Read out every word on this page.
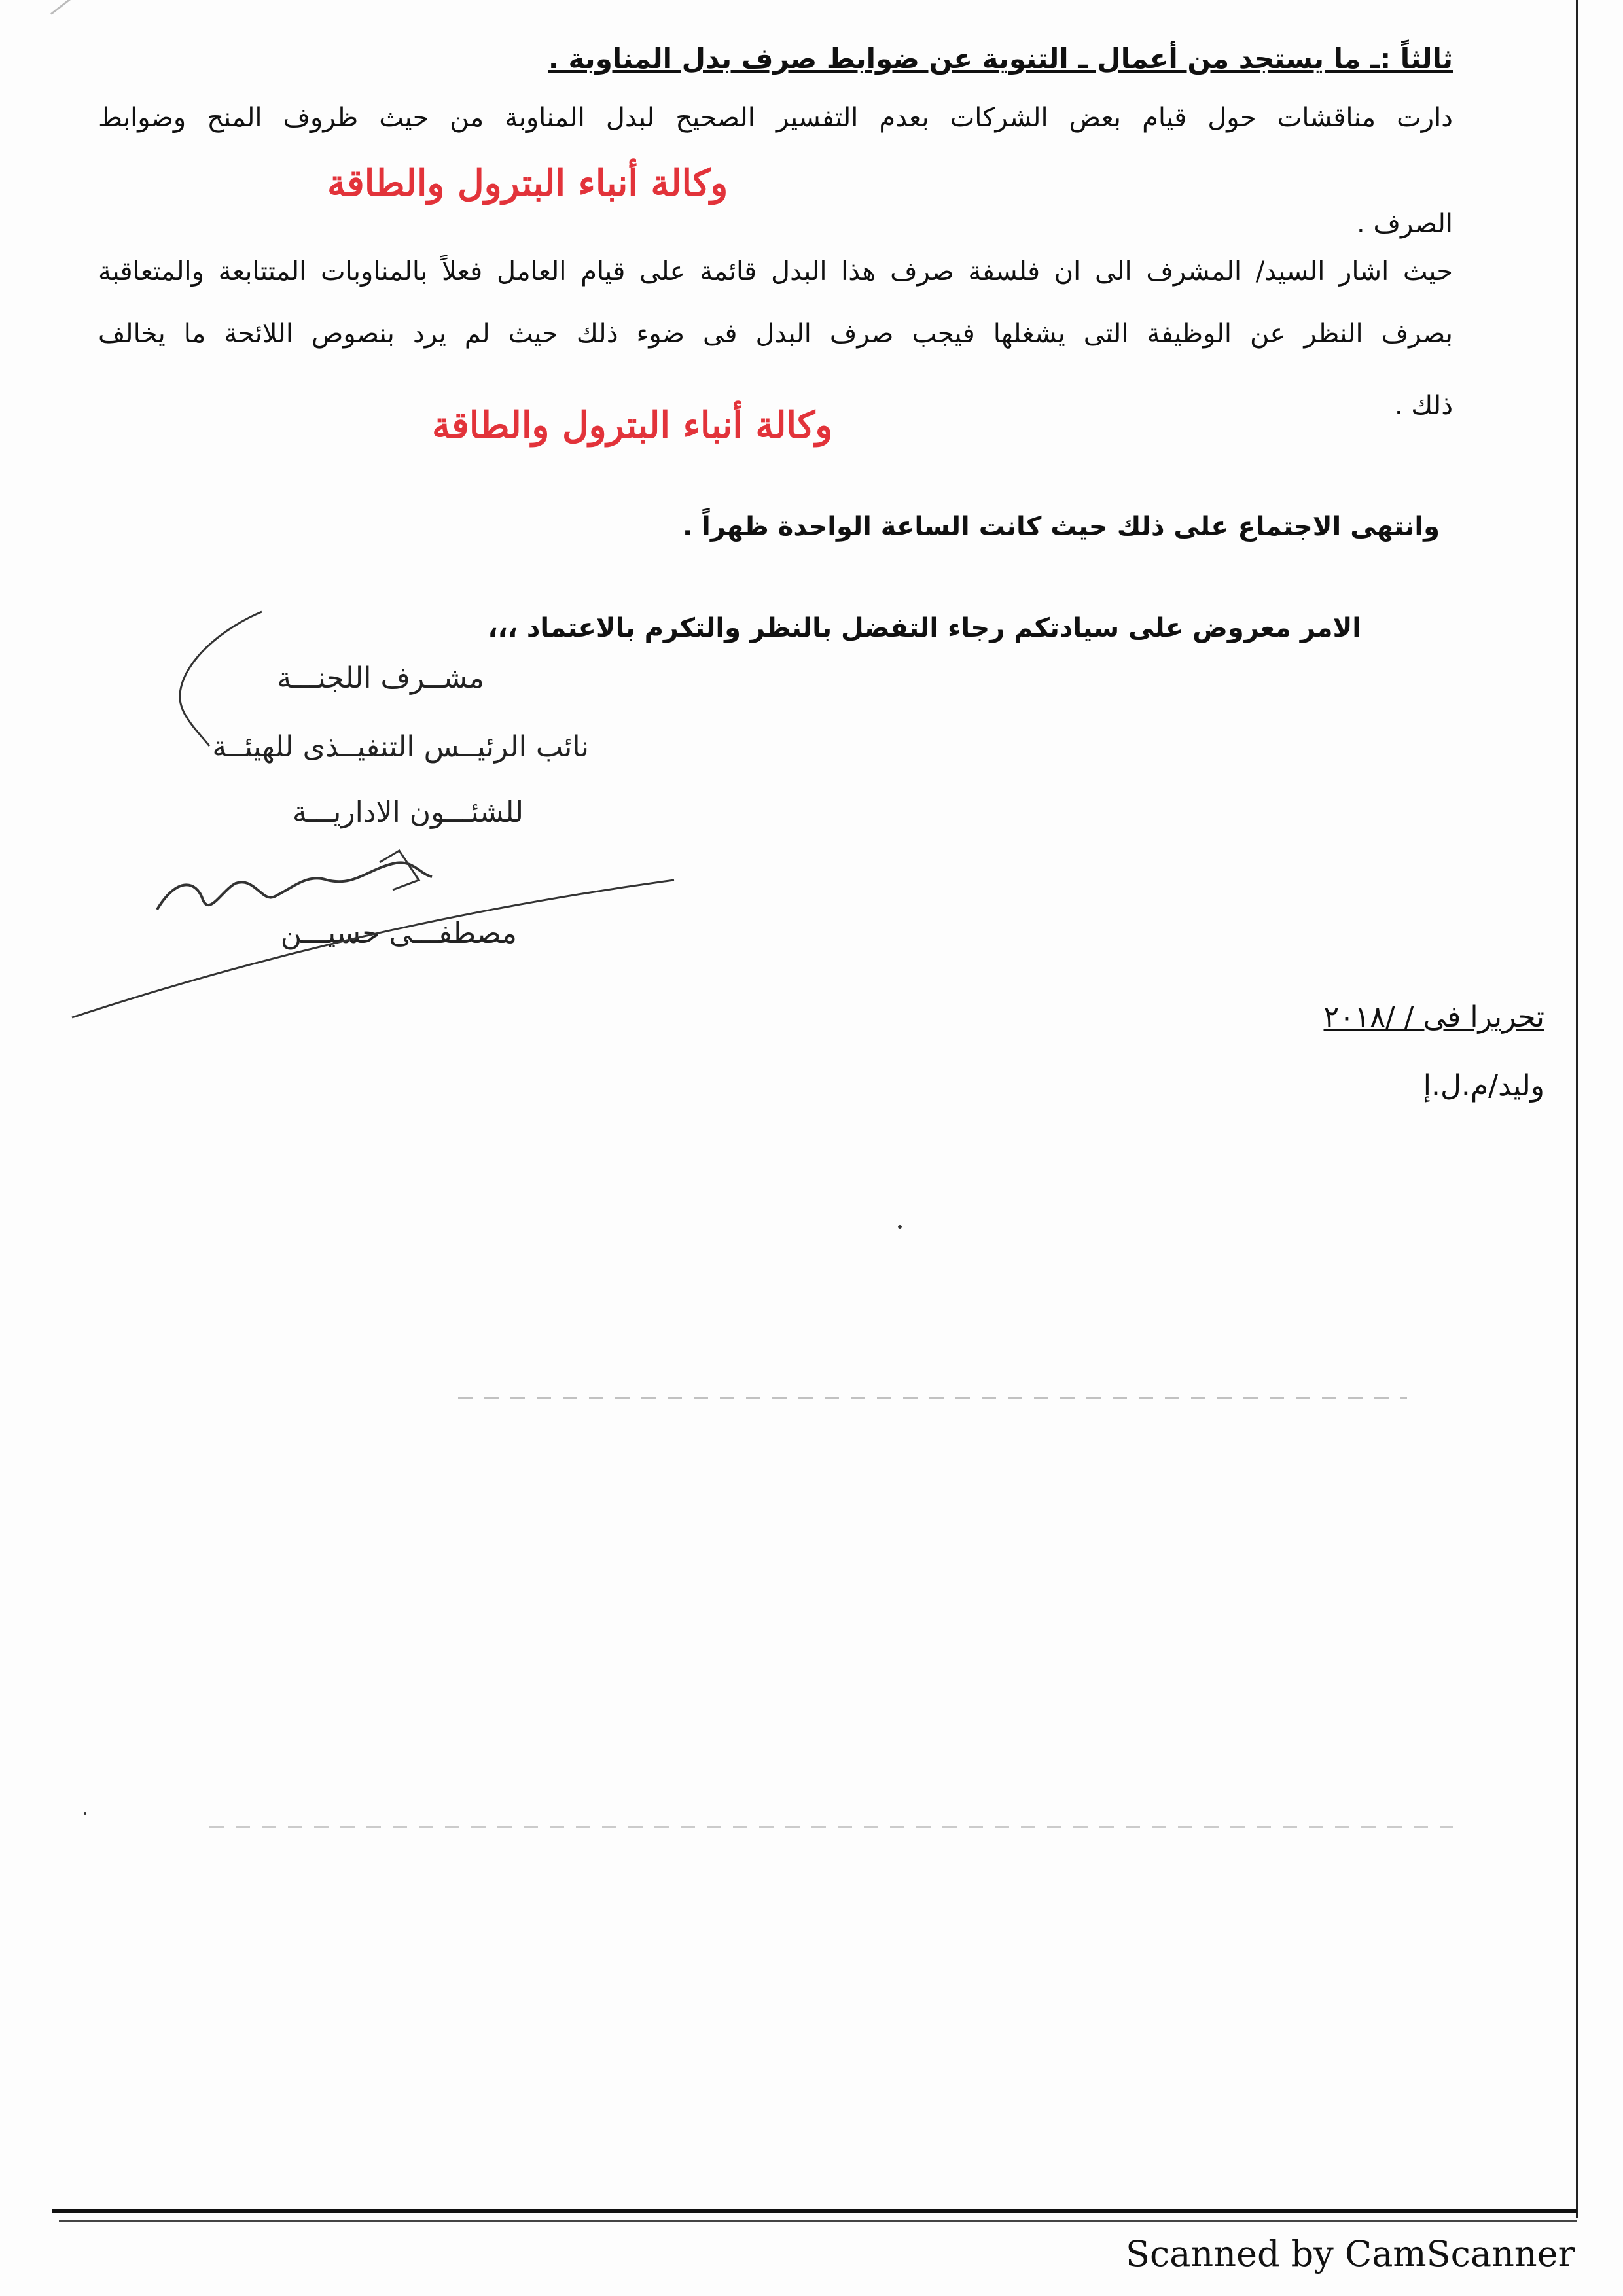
ثالثاً :ـ ما يستجد من أعمال ـ التنوية عن ضوابط صرف بدل المناوبة .
دارت مناقشات حول قيام بعض الشركات بعدم التفسير الصحيح لبدل المناوبة من حيث ظروف المنح وضوابط
وكالة أنباء البترول والطاقة
الصرف .
حيث اشار السيد/ المشرف الى ان فلسفة صرف هذا البدل قائمة على قيام العامل فعلاً بالمناوبات المتتابعة والمتعاقبة
بصرف النظر عن الوظيفة التى يشغلها فيجب صرف البدل فى ضوء ذلك حيث لم يرد بنصوص اللائحة ما يخالف
ذلك .
وكالة أنباء البترول والطاقة
وانتهى الاجتماع على ذلك حيث كانت الساعة الواحدة ظهراً .
الامر معروض على سيادتكم رجاء التفضل بالنظر والتكرم بالاعتماد ،،،
مشــرف اللجنـــة
نائب الرئيــس التنفيــذى للهيئــة
للشئـــون الاداريـــة
مصطفـــى حسيـــن
تحريرا فى / /٢٠١٨
وليد/م.ل.إ
Scanned by CamScanner
